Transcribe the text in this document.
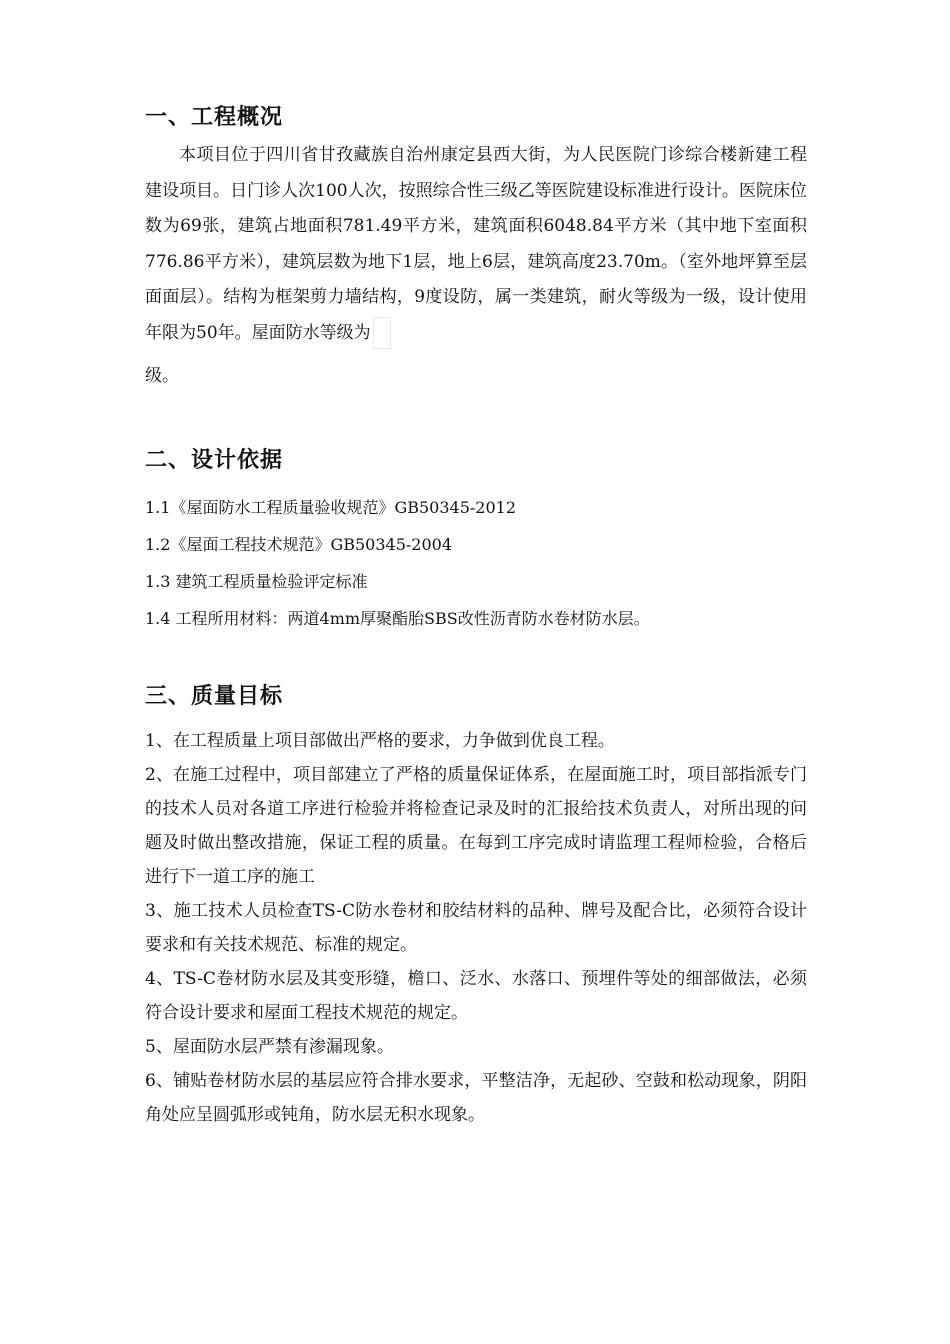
一、工程概况

本项目位于四川省甘孜藏族自治州康定县西大街，为人民医院门诊综合楼新建工程建设项目。日门诊人次100人次，按照综合性三级乙等医院建设标准进行设计。医院床位数为69张，建筑占地面积781.49平方米，建筑面积6048.84平方米（其中地下室面积776.86平方米），建筑层数为地下1层，地上6层，建筑高度23.70m。（室外地坪算至层面面层）。结构为框架剪力墙结构，9度设防，属一类建筑，耐火等级为一级，设计使用年限为50年。屋面防水等级为
级。

二、设计依据
1.1《屋面防水工程质量验收规范》GB50345-2012
1.2《屋面工程技术规范》GB50345-2004
1.3 建筑工程质量检验评定标准
1.4 工程所用材料：两道4mm厚聚酯胎SBS改性沥青防水卷材防水层。
三、质量目标
1、在工程质量上项目部做出严格的要求，力争做到优良工程。
2、在施工过程中，项目部建立了严格的质量保证体系，在屋面施工时，项目部指派专门的技术人员对各道工序进行检验并将检查记录及时的汇报给技术负责人，对所出现的问题及时做出整改措施，保证工程的质量。在每到工序完成时请监理工程师检验，合格后进行下一道工序的施工
3、施工技术人员检查TS-C防水卷材和胶结材料的品种、牌号及配合比，必须符合设计要求和有关技术规范、标准的规定。
4、TS-C卷材防水层及其变形缝，檐口、泛水、水落口、预埋件等处的细部做法，必须符合设计要求和屋面工程技术规范的规定。
5、屋面防水层严禁有渗漏现象。
6、铺贴卷材防水层的基层应符合排水要求，平整洁净，无起砂、空鼓和松动现象，阴阳角处应呈圆弧形或钝角，防水层无积水现象。
